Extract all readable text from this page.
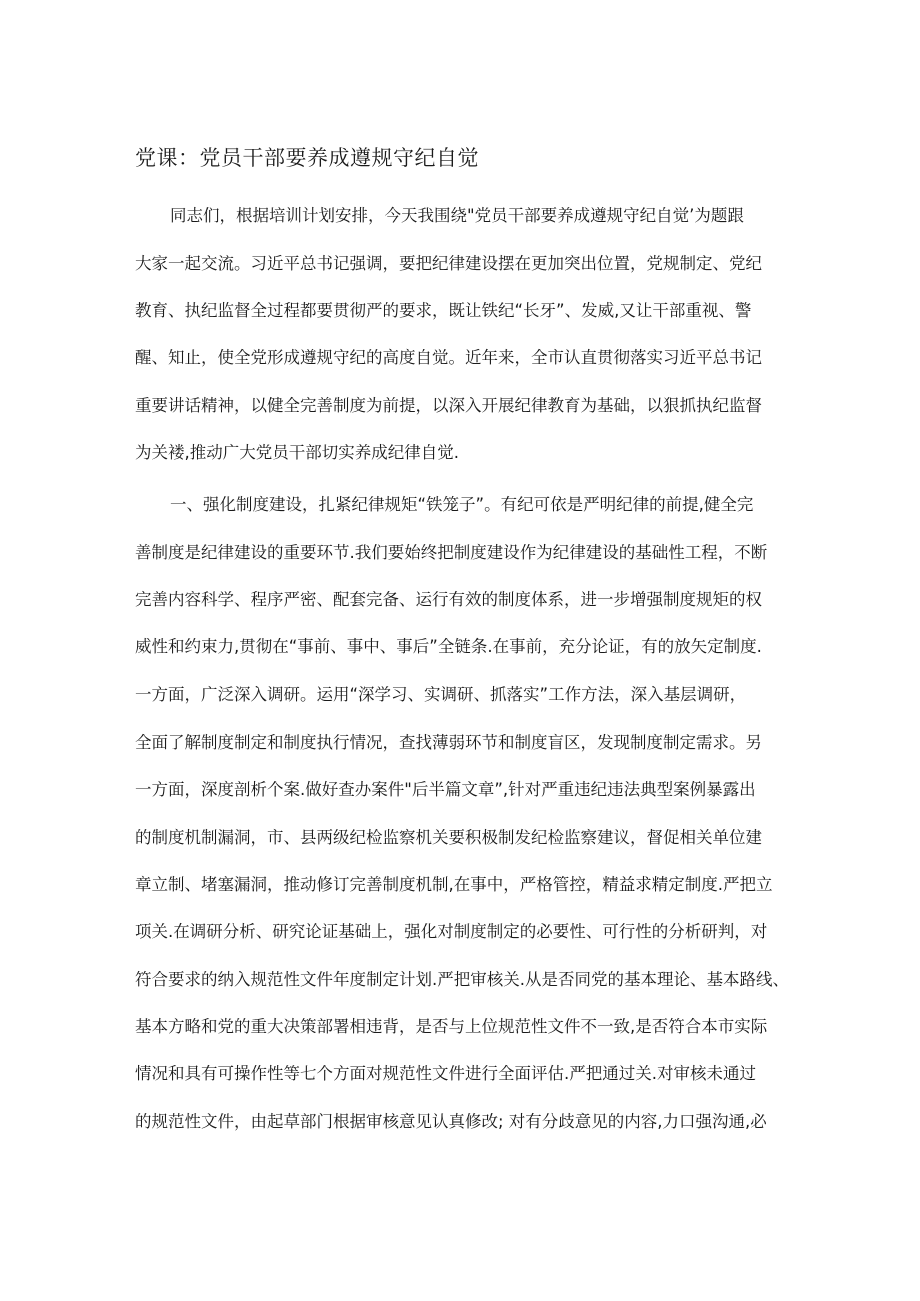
党课：党员干部要养成遵规守纪自觉
同志们，根据培训计划安排，今天我围绕"党员干部要养成遵规守纪自觉’为题跟
大家一起交流。习近平总书记强调，要把纪律建设摆在更加突出位置，党规制定、党纪
教育、执纪监督全过程都要贯彻严的要求，既让铁纪“长牙”、发威,又让干部重视、警
醒、知止，使全党形成遵规守纪的高度自觉。近年来，全市认直贯彻落实习近平总书记
重要讲话精神，以健全完善制度为前提，以深入开展纪律教育为基础，以狠抓执纪监督
为关褛,推动广大党员干部切实养成纪律自觉.
一、强化制度建设，扎紧纪律规矩“铁笼子”。有纪可依是严明纪律的前提,健全完
善制度是纪律建设的重要环节.我们要始终把制度建设作为纪律建设的基础性工程，不断
完善内容科学、程序严密、配套完备、运行有效的制度体系，进一步增强制度规矩的权
威性和约束力,贯彻在“事前、事中、事后”全链条.在事前，充分论证，有的放矢定制度.
一方面，广泛深入调研。运用“深学习、实调研、抓落实”工作方法，深入基层调研，
全面了解制度制定和制度执行情况，查找薄弱环节和制度盲区，发现制度制定需求。另
一方面，深度剖析个案.做好查办案件"后半篇文章”,针对严重违纪违法典型案例暴露出
的制度机制漏洞，市、县两级纪检监察机关要积极制发纪检监察建议，督促相关单位建
章立制、堵塞漏洞，推动修订完善制度机制,在事中，严格管控，精益求精定制度.严把立
项关.在调研分析、研究论证基础上，强化对制度制定的必要性、可行性的分析研判，对
符合要求的纳入规范性文件年度制定计划.严把审核关.从是否同党的基本理论、基本路线、
基本方略和党的重大决策部署相违背，是否与上位规范性文件不一致,是否符合本市实际
情况和具有可操作性等七个方面对规范性文件进行全面评估.严把通过关.对审核未通过
的规范性文件，由起草部门根据审核意见认真修改; 对有分歧意见的内容,力口强沟通,必
